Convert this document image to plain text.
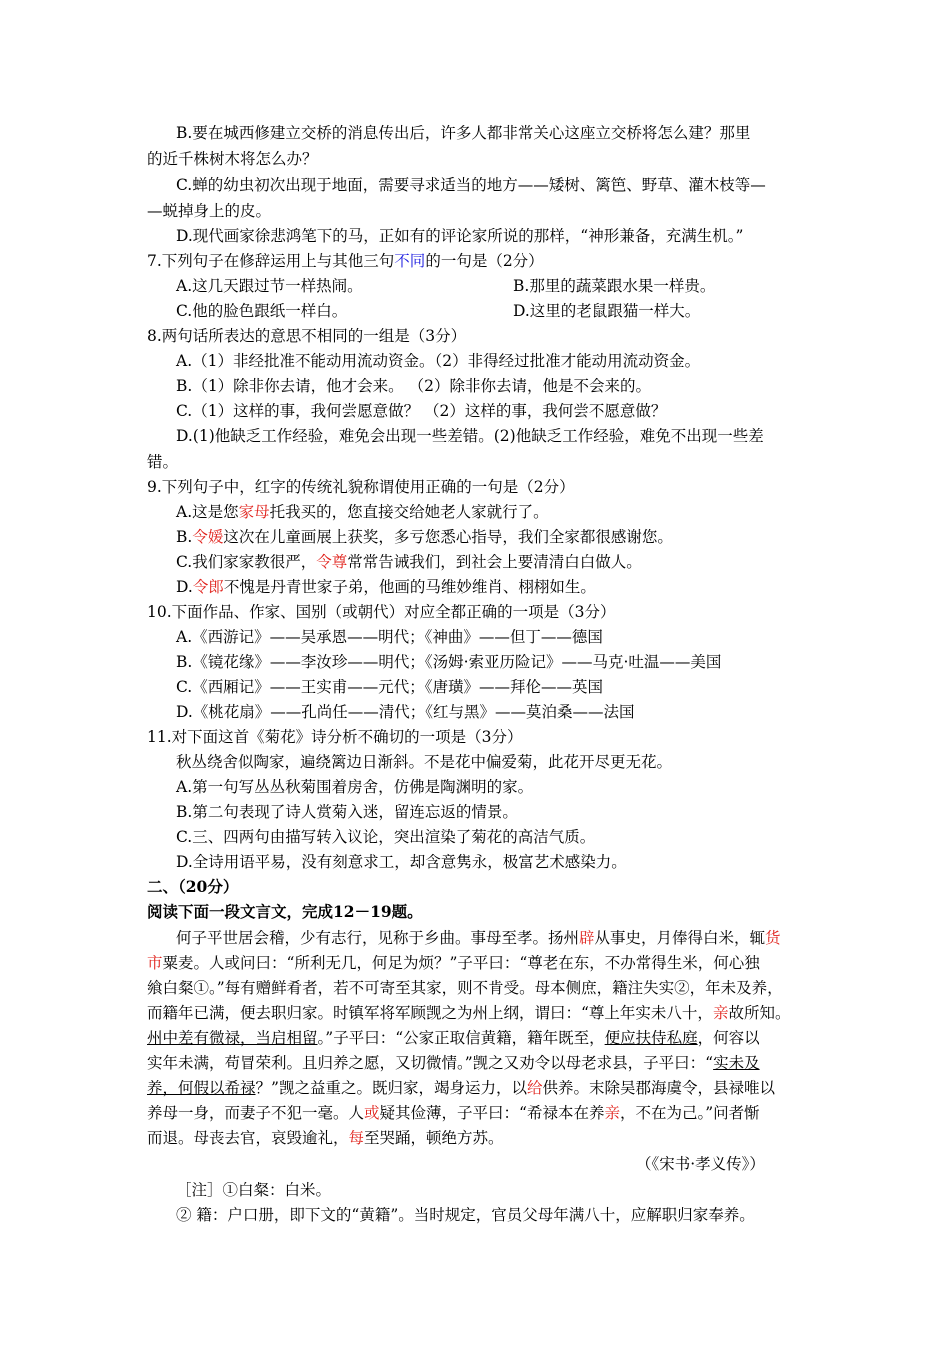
B.要在城西修建立交桥的消息传出后，许多人都非常关心这座立交桥将怎么建？那里
的近千株树木将怎么办？
C.蝉的幼虫初次出现于地面，需要寻求适当的地方——矮树、篱笆、野草、灌木枝等—
—蜕掉身上的皮。
D.现代画家徐悲鸿笔下的马，正如有的评论家所说的那样，“神形兼备，充满生机。”
7.下列句子在修辞运用上与其他三句不同的一句是（2分）
A.这几天跟过节一样热闹。	B.那里的蔬菜跟水果一样贵。
C.他的脸色跟纸一样白。	D.这里的老鼠跟猫一样大。
8.两句话所表达的意思不相同的一组是（3分）
A.（1）非经批准不能动用流动资金。（2）非得经过批准才能动用流动资金。
B.（1）除非你去请，他才会来。 （2）除非你去请，他是不会来的。
C.（1）这样的事，我何尝愿意做？ （2）这样的事，我何尝不愿意做？
D.(1)他缺乏工作经验，难免会出现一些差错。(2)他缺乏工作经验，难免不出现一些差
错。
9.下列句子中，红字的传统礼貌称谓使用正确的一句是（2分）
A.这是您家母托我买的，您直接交给她老人家就行了。
B.令媛这次在儿童画展上获奖，多亏您悉心指导，我们全家都很感谢您。
C.我们家家教很严，令尊常常告诫我们，到社会上要清清白白做人。
D.令郎不愧是丹青世家子弟，他画的马维妙维肖、栩栩如生。
10.下面作品、作家、国别（或朝代）对应全都正确的一项是（3分）
A.《西游记》——吴承恩——明代；《神曲》——但丁——德国
B.《镜花缘》——李汝珍——明代；《汤姆·索亚历险记》——马克·吐温——美国
C.《西厢记》——王实甫——元代；《唐璜》——拜伦——英国
D.《桃花扇》——孔尚任——清代；《红与黑》——莫泊桑——法国
11.对下面这首《菊花》诗分析不确切的一项是（3分）
秋丛绕舍似陶家，遍绕篱边日渐斜。不是花中偏爱菊，此花开尽更无花。
A.第一句写丛丛秋菊围着房舍，仿佛是陶渊明的家。
B.第二句表现了诗人赏菊入迷，留连忘返的情景。
C.三、四两句由描写转入议论，突出渲染了菊花的高洁气质。
D.全诗用语平易，没有刻意求工，却含意隽永，极富艺术感染力。
二、（20分）
阅读下面一段文言文，完成12－19题。
何子平世居会稽，少有志行，见称于乡曲。事母至孝。扬州辟从事史，月俸得白米，辄货
市粟麦。人或问曰：“所利无几，何足为烦？”子平曰：“尊老在东，不办常得生米，何心独
飨白粲①。”每有赠鲜肴者，若不可寄至其家，则不肯受。母本侧庶，籍注失实②，年未及养，
而籍年已满，便去职归家。时镇军将军顾觊之为州上纲，谓曰：“尊上年实未八十，亲故所知。
州中差有微禄，当启相留。”子平曰：“公家正取信黄籍，籍年既至，便应扶侍私庭，何容以
实年未满，苟冒荣利。且归养之愿，又切微情。”觊之又劝令以母老求县，子平曰：“实未及
养，何假以希禄？”觊之益重之。既归家，竭身运力，以给供养。末除吴郡海虞令，县禄唯以
养母一身，而妻子不犯一毫。人或疑其俭薄，子平曰：“希禄本在养亲，不在为己。”问者惭
而退。母丧去官，哀毁逾礼，每至哭踊，顿绝方苏。
（《宋书·孝义传》）
［注］①白粲：白米。
② 籍：户口册，即下文的“黄籍”。当时规定，官员父母年满八十，应解职归家奉养。
